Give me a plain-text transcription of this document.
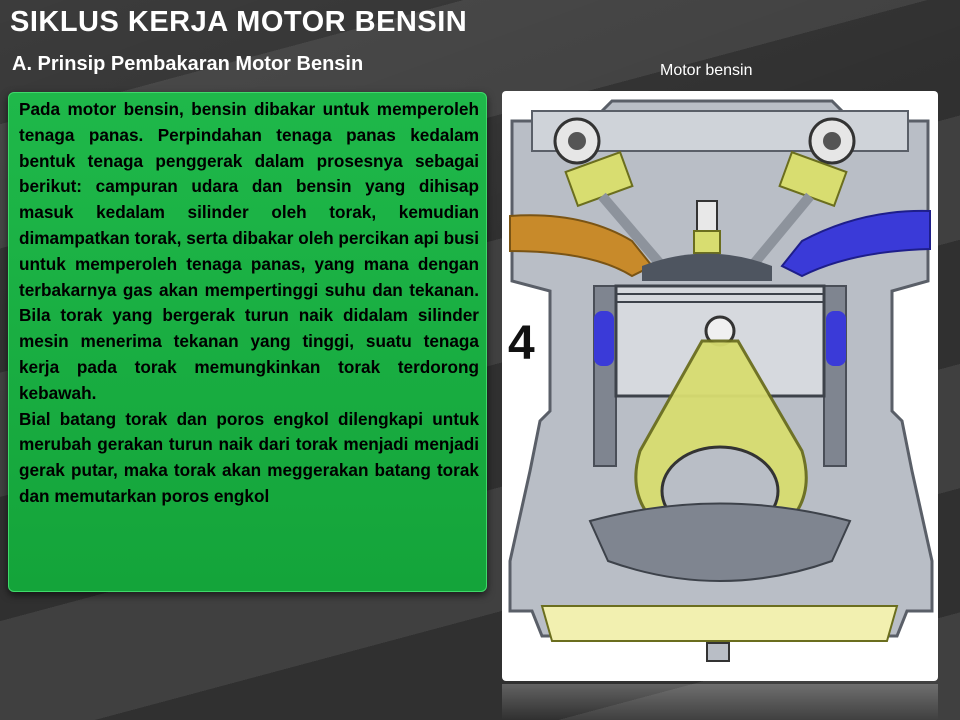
SIKLUS KERJA MOTOR BENSIN
A. Prinsip Pembakaran Motor Bensin	Motor bensin

Pada motor bensin, bensin dibakar untuk memperoleh tenaga panas. Perpindahan tenaga panas kedalam bentuk tenaga penggerak dalam prosesnya sebagai berikut: campuran udara dan bensin yang dihisap masuk kedalam silinder oleh torak, kemudian dimampatkan torak, serta dibakar oleh percikan api busi untuk memperoleh tenaga panas, yang mana dengan terbakarnya gas akan mempertinggi suhu dan tekanan. Bila torak yang bergerak turun naik didalam silinder mesin menerima tekanan yang tinggi, suatu tenaga kerja pada torak memungkinkan torak terdorong kebawah.

Bial batang torak dan poros engkol dilengkapi untuk merubah gerakan turun naik dari torak menjadi menjadi gerak putar, maka torak akan meggerakan batang torak dan memutarkan poros engkol

4
